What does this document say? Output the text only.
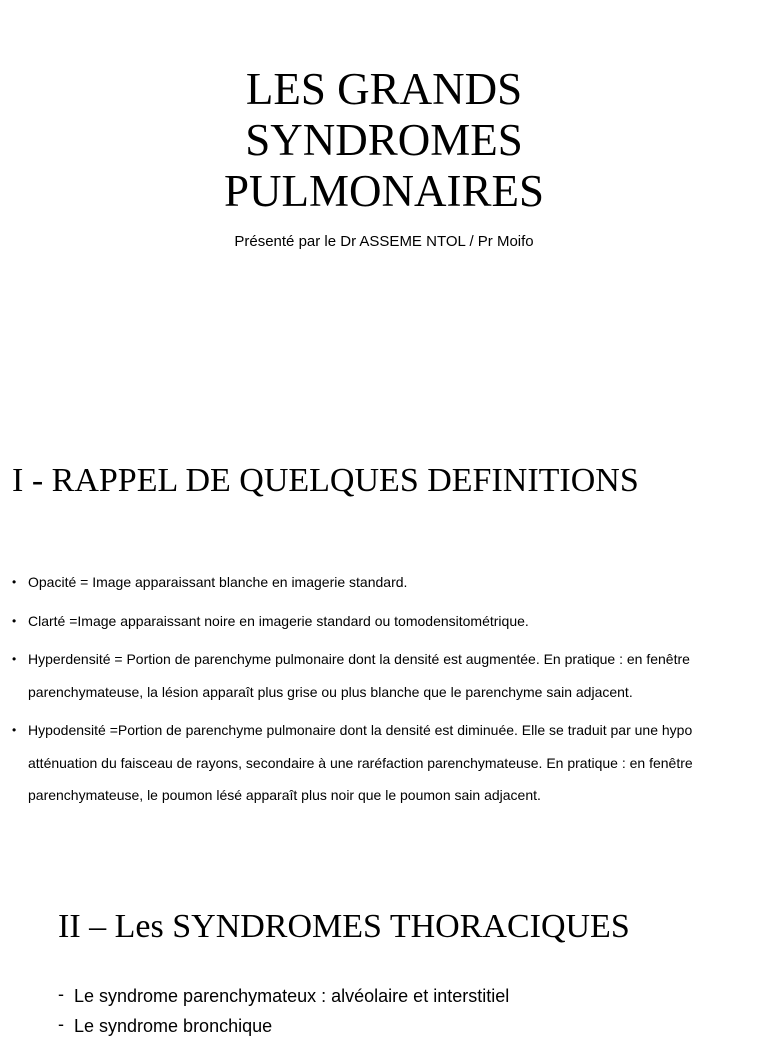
LES GRANDS
SYNDROMES
PULMONAIRES
Présenté par le Dr ASSEME NTOL / Pr Moifo
I - RAPPEL DE QUELQUES DEFINITIONS
• Opacité = Image apparaissant blanche en imagerie standard.
• Clarté =Image apparaissant noire en imagerie standard ou tomodensitométrique.
• Hyperdensité = Portion de parenchyme pulmonaire dont la densité est augmentée. En pratique : en fenêtre parenchymateuse, la lésion apparaît plus grise ou plus blanche que le parenchyme sain adjacent.
• Hypodensité =Portion de parenchyme pulmonaire dont la densité est diminuée. Elle se traduit par une hypo atténuation du faisceau de rayons, secondaire à une raréfaction parenchymateuse. En pratique : en fenêtre parenchymateuse, le poumon lésé apparaît plus noir que le poumon sain adjacent.
II – Les SYNDROMES THORACIQUES
- Le syndrome parenchymateux : alvéolaire et interstitiel
- Le syndrome bronchique
